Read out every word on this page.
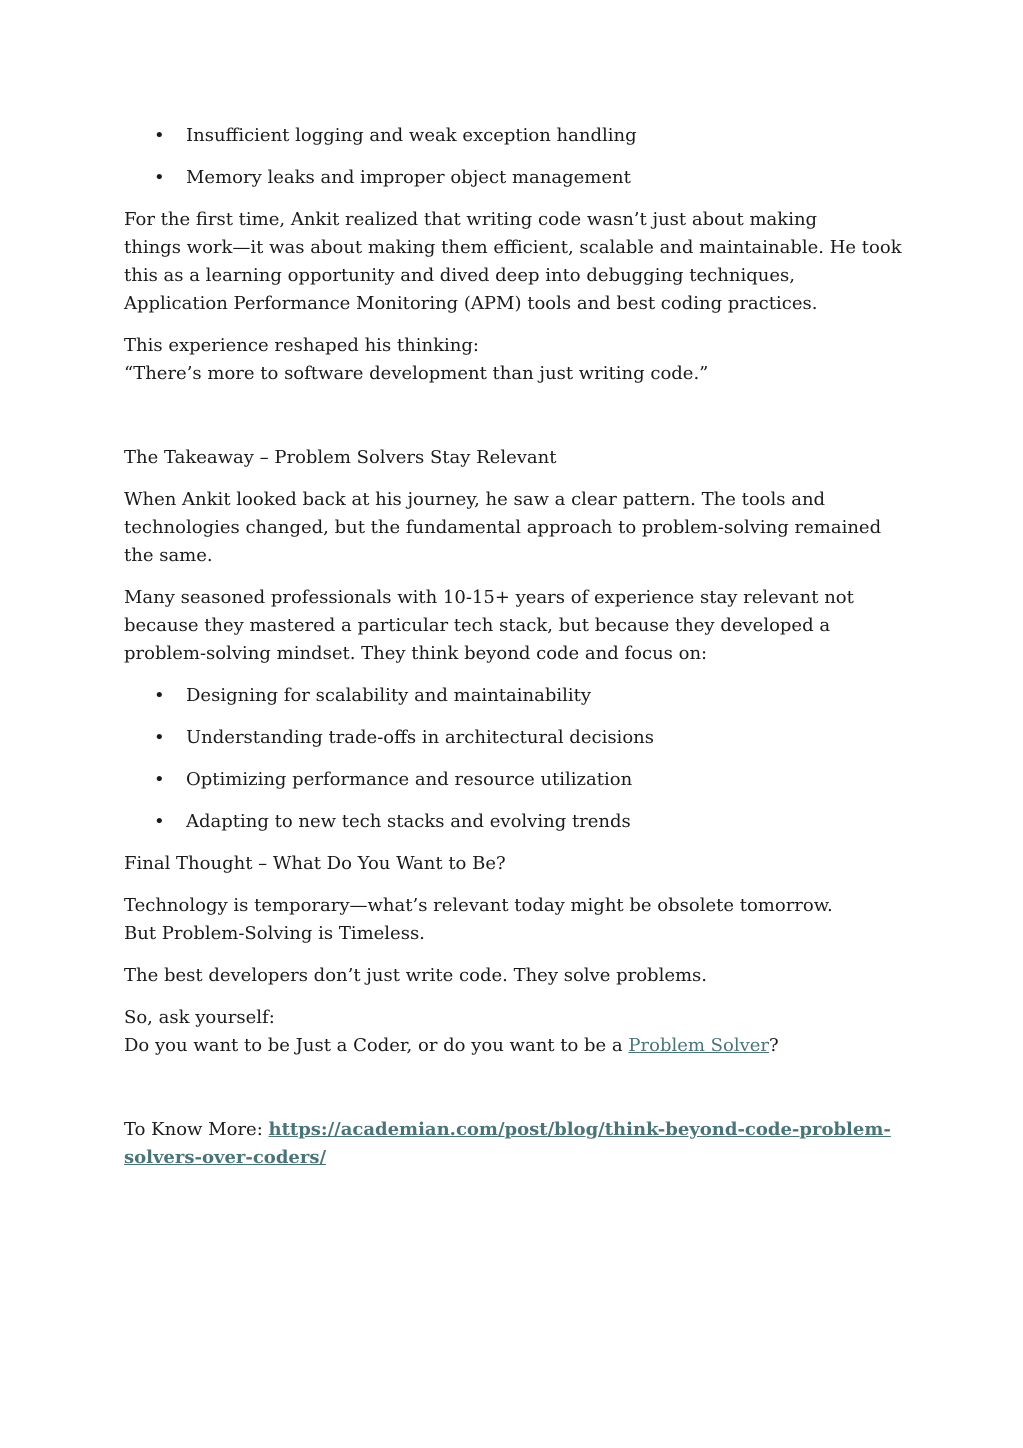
• Insufficient logging and weak exception handling
• Memory leaks and improper object management

For the first time, Ankit realized that writing code wasn’t just about making
things work—it was about making them efficient, scalable and maintainable. He took this as a learning opportunity and dived deep into debugging techniques, Application Performance Monitoring (APM) tools and best coding practices.

This experience reshaped his thinking:
“There’s more to software development than just writing code.”

The Takeaway – Problem Solvers Stay Relevant

When Ankit looked back at his journey, he saw a clear pattern. The tools and technologies changed, but the fundamental approach to problem-solving remained the same.

Many seasoned professionals with 10-15+ years of experience stay relevant not because they mastered a particular tech stack, but because they developed a problem-solving mindset. They think beyond code and focus on:

• Designing for scalability and maintainability
• Understanding trade-offs in architectural decisions
• Optimizing performance and resource utilization
• Adapting to new tech stacks and evolving trends

Final Thought – What Do You Want to Be?

Technology is temporary—what’s relevant today might be obsolete tomorrow.
But Problem-Solving is Timeless.

The best developers don’t just write code. They solve problems.

So, ask yourself:
Do you want to be Just a Coder, or do you want to be a Problem Solver?

To Know More: https://academian.com/post/blog/think-beyond-code-problem-solvers-over-coders/
